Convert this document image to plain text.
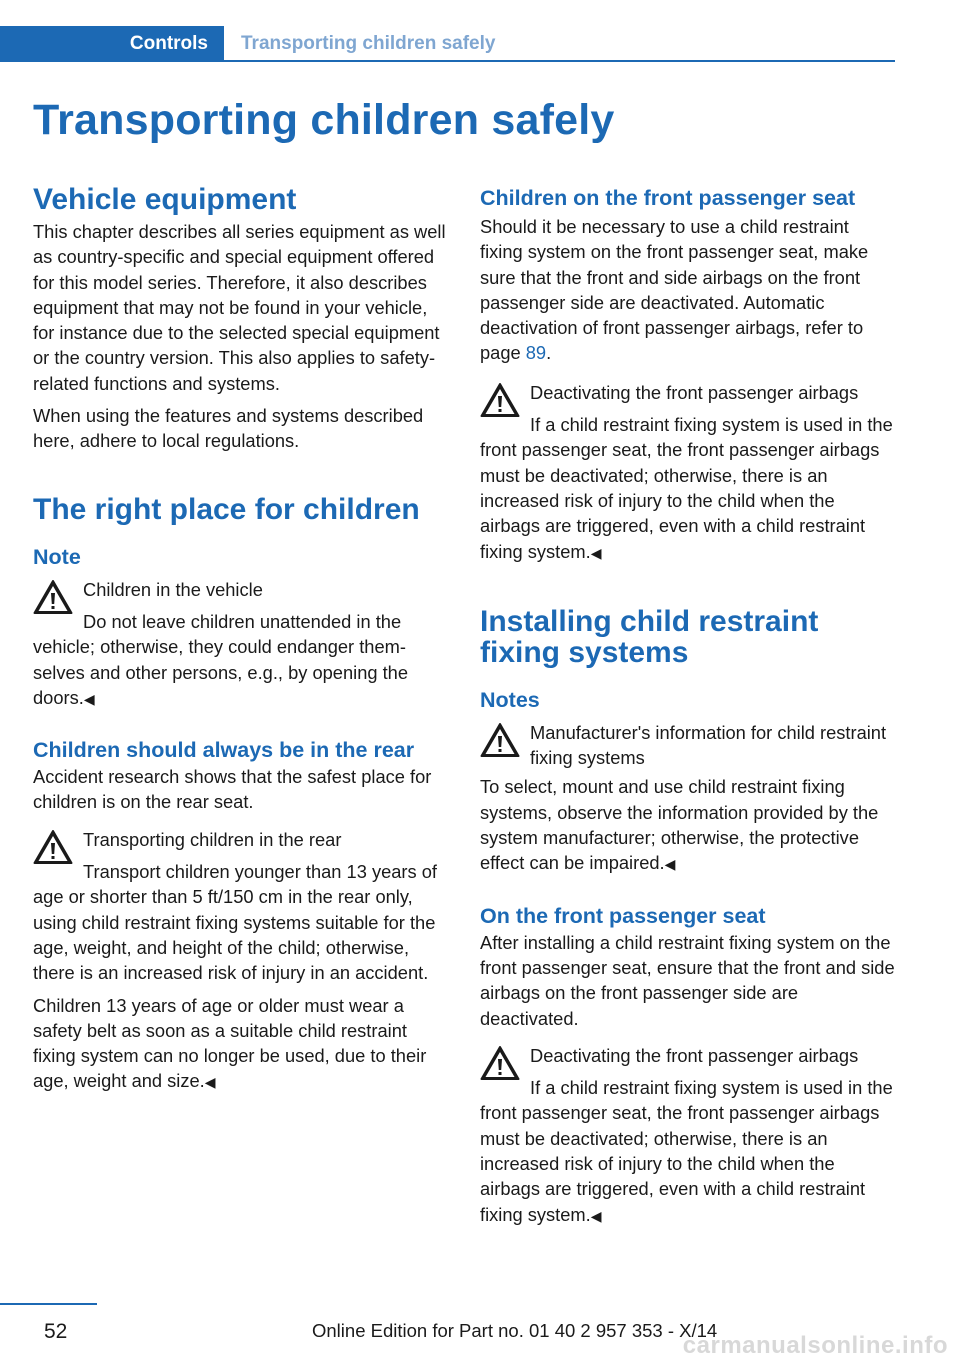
Controls Transporting children safely
Transporting children safely
Vehicle equipment

This chapter describes all series equipment as well as country-specific and special equipment offered for this model series. Therefore, it also describes equipment that may not be found in your vehicle, for instance due to the selected special equipment or the country version. This also applies to safety-related functions and systems.

When using the features and systems described here, adhere to local regulations.

The right place for children
Note
Children in the vehicle

Do not leave children unattended in the vehicle; otherwise, they could endanger themselves and other persons, e.g., by opening the doors.◀

Children should always be in the rear

Accident research shows that the safest place for children is on the rear seat.

Transporting children in the rear

Transport children younger than 13 years of age or shorter than 5 ft/150 cm in the rear only, using child restraint fixing systems suitable for the age, weight, and height of the child; otherwise, there is an increased risk of injury in an accident.

Children 13 years of age or older must wear a safety belt as soon as a suitable child restraint fixing system can no longer be used, due to their age, weight and size.◀

Children on the front passenger seat

Should it be necessary to use a child restraint fixing system on the front passenger seat, make sure that the front and side airbags on the front passenger side are deactivated. Automatic deactivation of front passenger airbags, refer to page 89.

Deactivating the front passenger airbags

If a child restraint fixing system is used in the front passenger seat, the front passenger airbags must be deactivated; otherwise, there is an increased risk of injury to the child when the airbags are triggered, even with a child restraint fixing system.◀

Installing child restraint fixing systems
Notes
Manufacturer's information for child restraint fixing systems

To select, mount and use child restraint fixing systems, observe the information provided by the system manufacturer; otherwise, the protective effect can be impaired.◀

On the front passenger seat

After installing a child restraint fixing system on the front passenger seat, ensure that the front and side airbags on the front passenger side are deactivated.

Deactivating the front passenger airbags

If a child restraint fixing system is used in the front passenger seat, the front passenger airbags must be deactivated; otherwise, there is an increased risk of injury to the child when the airbags are triggered, even with a child restraint fixing system.◀

52	Online Edition for Part no. 01 40 2 957 353 - X/14
carmanualsonline.info
